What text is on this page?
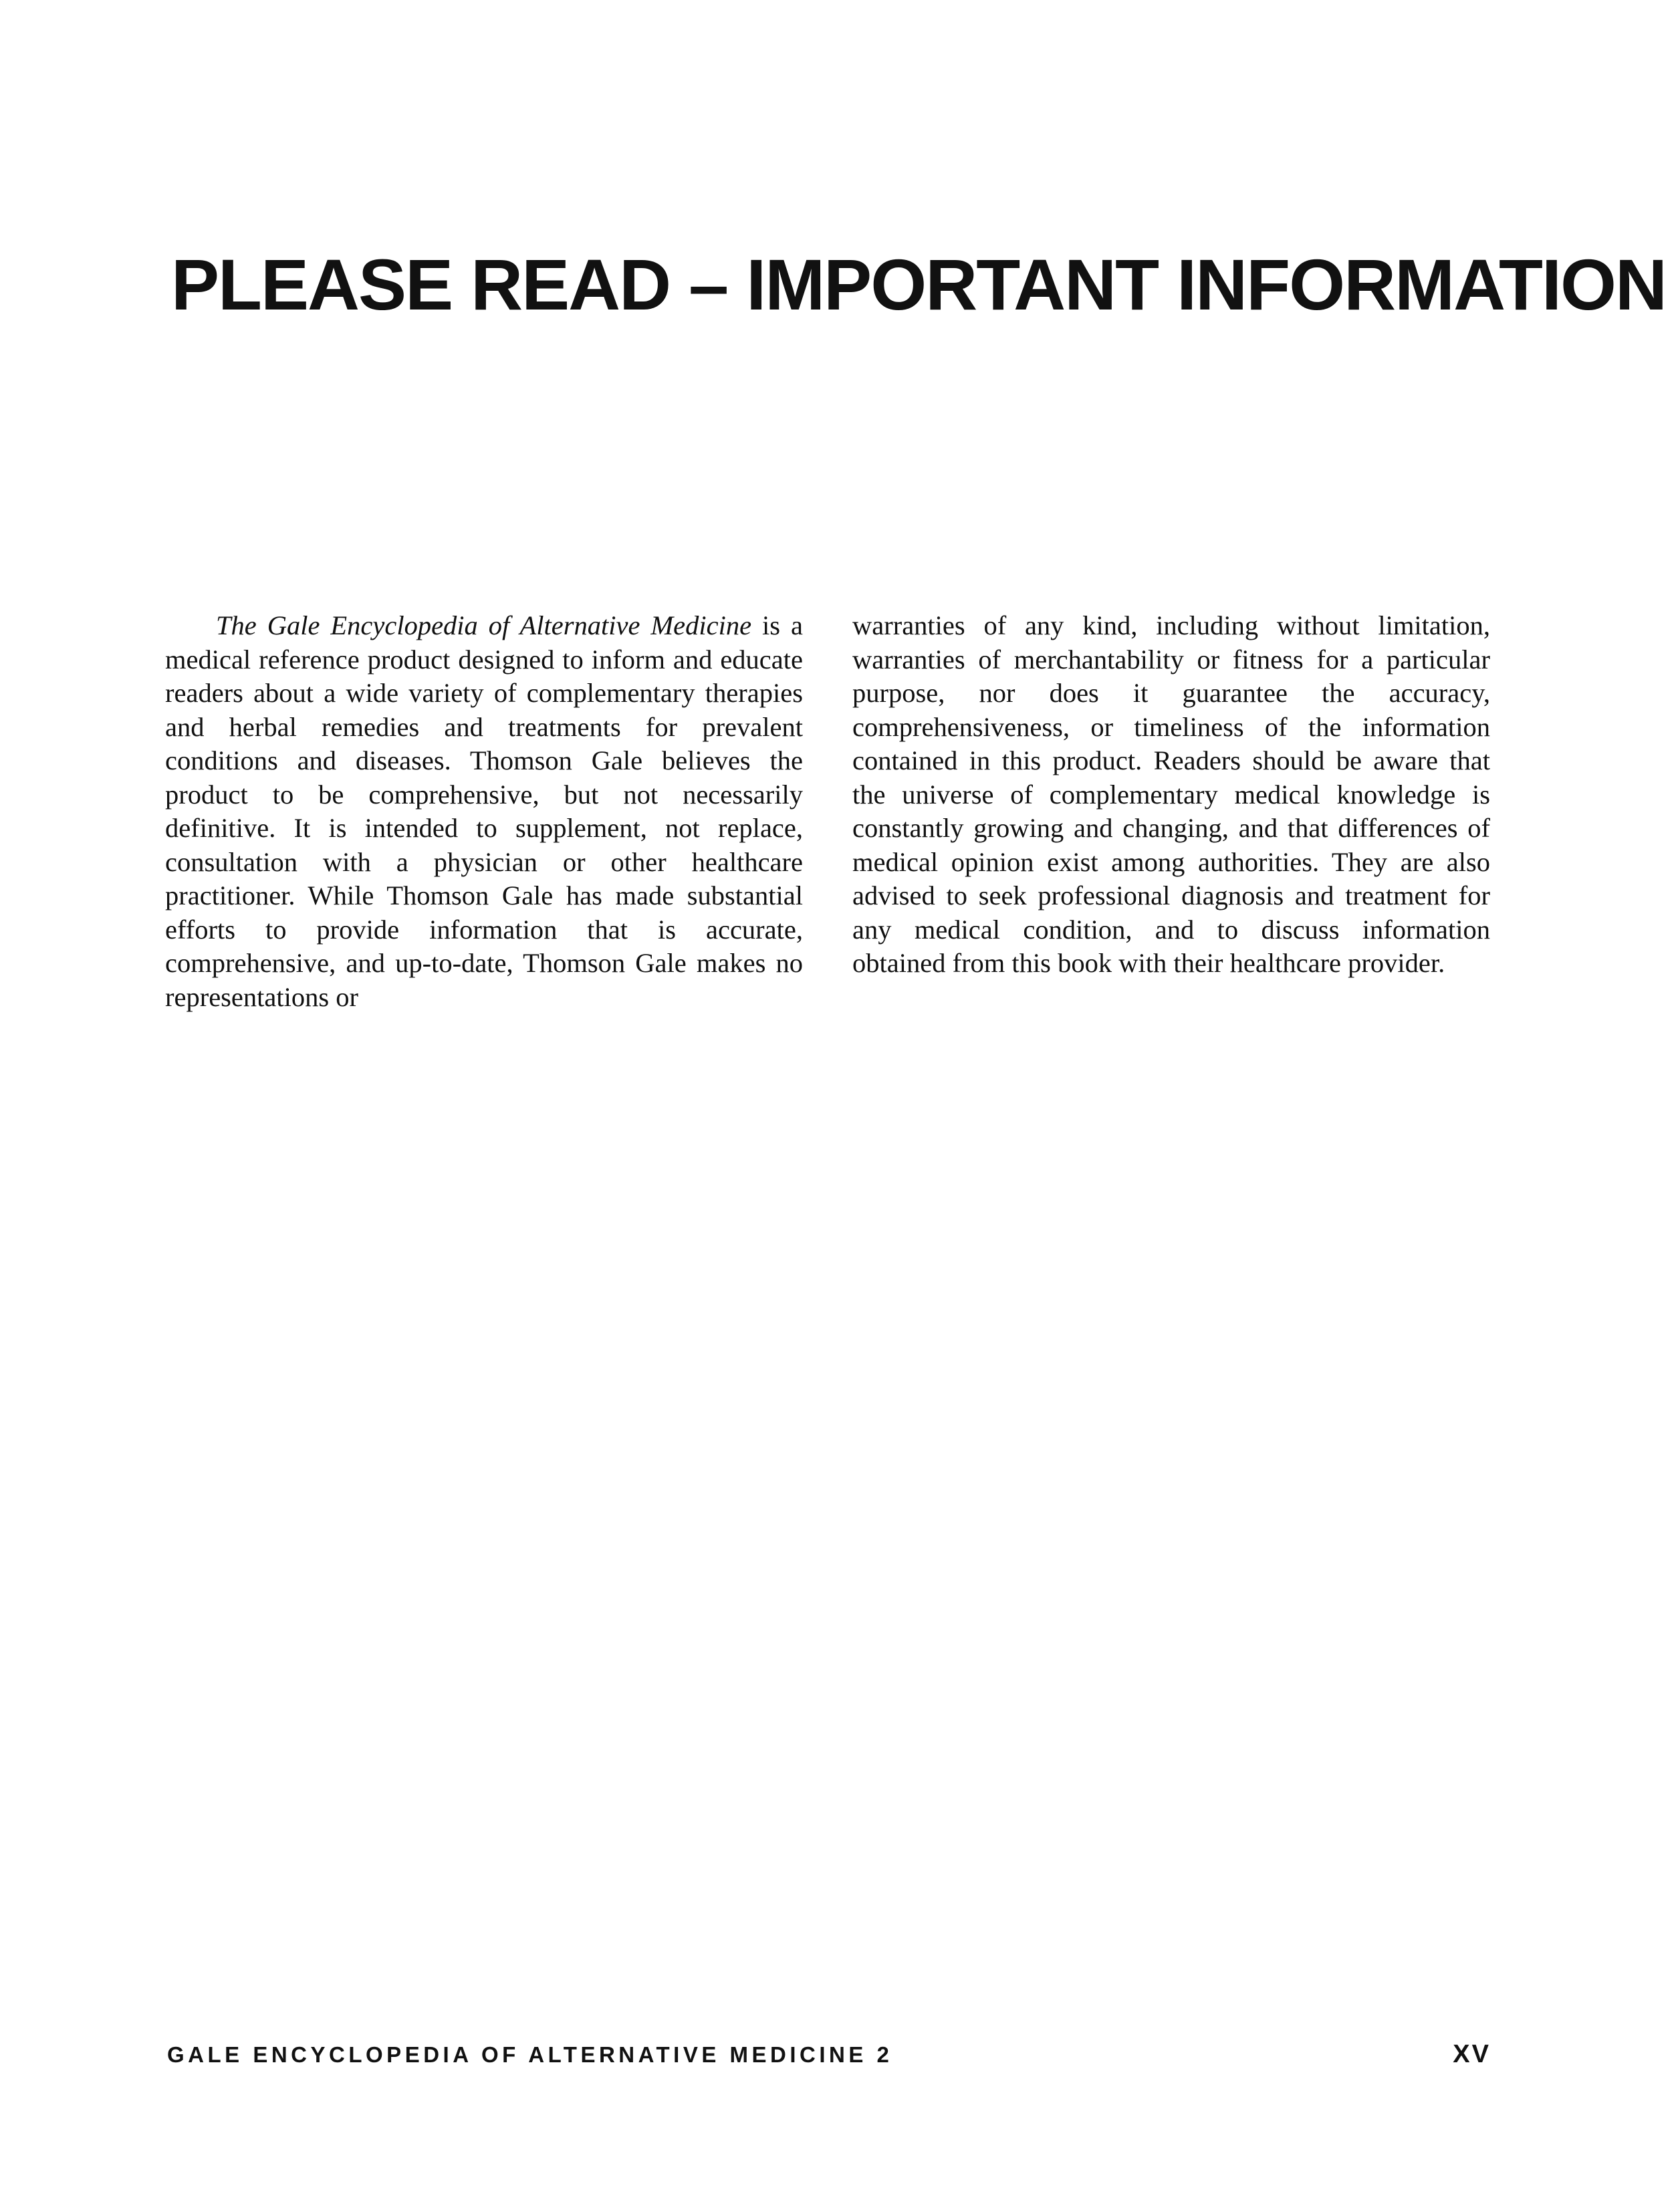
PLEASE READ – IMPORTANT INFORMATION

The Gale Encyclopedia of Alternative Medicine is a medical reference product designed to inform and educate readers about a wide variety of complementary therapies and herbal remedies and treatments for prevalent conditions and diseases. Thomson Gale believes the product to be comprehensive, but not necessarily definitive. It is intended to supplement, not replace, consultation with a physician or other healthcare practitioner. While Thomson Gale has made substantial efforts to provide information that is accurate, comprehensive, and up-to-date, Thomson Gale makes no representations or

warranties of any kind, including without limitation, warranties of merchantability or fitness for a particular purpose, nor does it guarantee the accuracy, comprehensiveness, or timeliness of the information contained in this product. Readers should be aware that the universe of complementary medical knowledge is constantly growing and changing, and that differences of medical opinion exist among authorities. They are also advised to seek professional diagnosis and treatment for any medical condition, and to discuss information obtained from this book with their healthcare provider.

GALE ENCYCLOPEDIA OF ALTERNATIVE MEDICINE 2	XV
